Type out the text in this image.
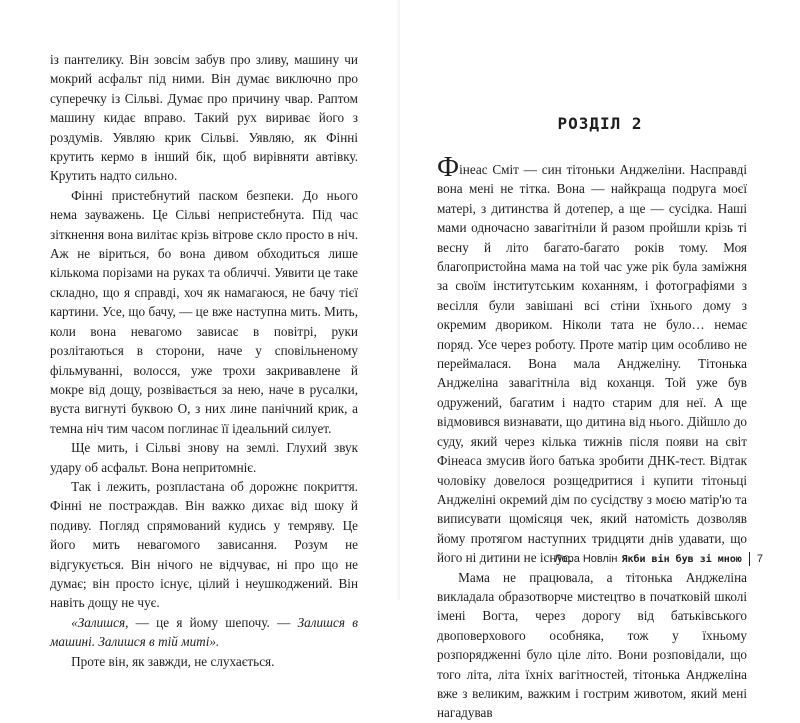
із пантелику. Він зовсім забув про зливу, машину чи мокрий асфальт під ними. Він думає виключно про суперечку із Сільві. Думає про причину чвар. Раптом машину кидає вправо. Такий рух вириває його з роздумів. Уявляю крик Сільві. Уявляю, як Фінні крутить кермо в інший бік, щоб вирівняти автівку. Крутить надто сильно.

Фінні пристебнутий паском безпеки. До нього нема зауважень. Це Сільві непристебнута. Під час зіткнення вона вилітає крізь вітрове скло просто в ніч. Аж не віриться, бо вона дивом обходиться лише кількома порізами на руках та обличчі. Уявити це таке складно, що я справді, хоч як намагаюся, не бачу тієї картини. Усе, що бачу, — це вже наступна мить. Мить, коли вона невагомо зависає в повітрі, руки розлітаються в сторони, наче у сповільненому фільмуванні, волосся, уже трохи закривавлене й мокре від дощу, розвівається за нею, наче в русалки, вуста вигнуті буквою О, з них лине панічний крик, а темна ніч тим часом поглинає її ідеальний силует.

Ще мить, і Сільві знову на землі. Глухий звук удару об асфальт. Вона непритомніє.

Так і лежить, розпластана об дорожнє покриття. Фінні не постраждав. Він важко дихає від шоку й подиву. Погляд спрямований кудись у темряву. Це його мить невагомого зависання. Розум не відгукується. Він нічого не відчуває, ні про що не думає; він просто існує, цілий і неушкоджений. Він навіть дощу не чує.

«Залишся, — це я йому шепочу. — Залишся в машині. Залишся в тій миті».

Проте він, як завжди, не слухається.

РОЗДІЛ 2

Фінеас Сміт — син тітоньки Анджеліни. Насправді вона мені не тітка. Вона — найкраща подруга моєї матері, з дитинства й дотепер, а ще — сусідка. Наші мами одночасно завагітніли й разом пройшли крізь ті весну й літо багато-багато років тому. Моя благопристойна мама на той час уже рік була заміжня за своїм інститутським коханням, і фотографіями з весілля були завішані всі стіни їхнього дому з окремим двориком. Ніколи тата не було… немає поряд. Усе через роботу. Проте матір цим особливо не переймалася. Вона мала Анджеліну. Тітонька Анджеліна завагітніла від коханця. Той уже був одружений, багатим і надто старим для неї. А ще відмовився визнавати, що дитина від нього. Дійшло до суду, який через кілька тижнів після появи на світ Фінеаса змусив його батька зробити ДНК-тест. Відтак чоловіку довелося розщедритися і купити тітоньці Анджеліні окремий дім по сусідству з моєю матір'ю та виписувати щомісяця чек, який натомість дозволяв йому протягом наступних тридцяти днів удавати, що його ні дитини не існує.

Мама не працювала, а тітонька Анджеліна викладала образотворче мистецтво в початковій школі імені Вогта, через дорогу від батьківського двоповерхового особняка, тож у їхньому розпорядженні було ціле літо. Вони розповідали, що того літа, літа їхніх вагітностей, тітонька Анджеліна вже з великим, важким і гострим животом, який мені нагадував

Лора Новлін Якби він був зі мною 7
